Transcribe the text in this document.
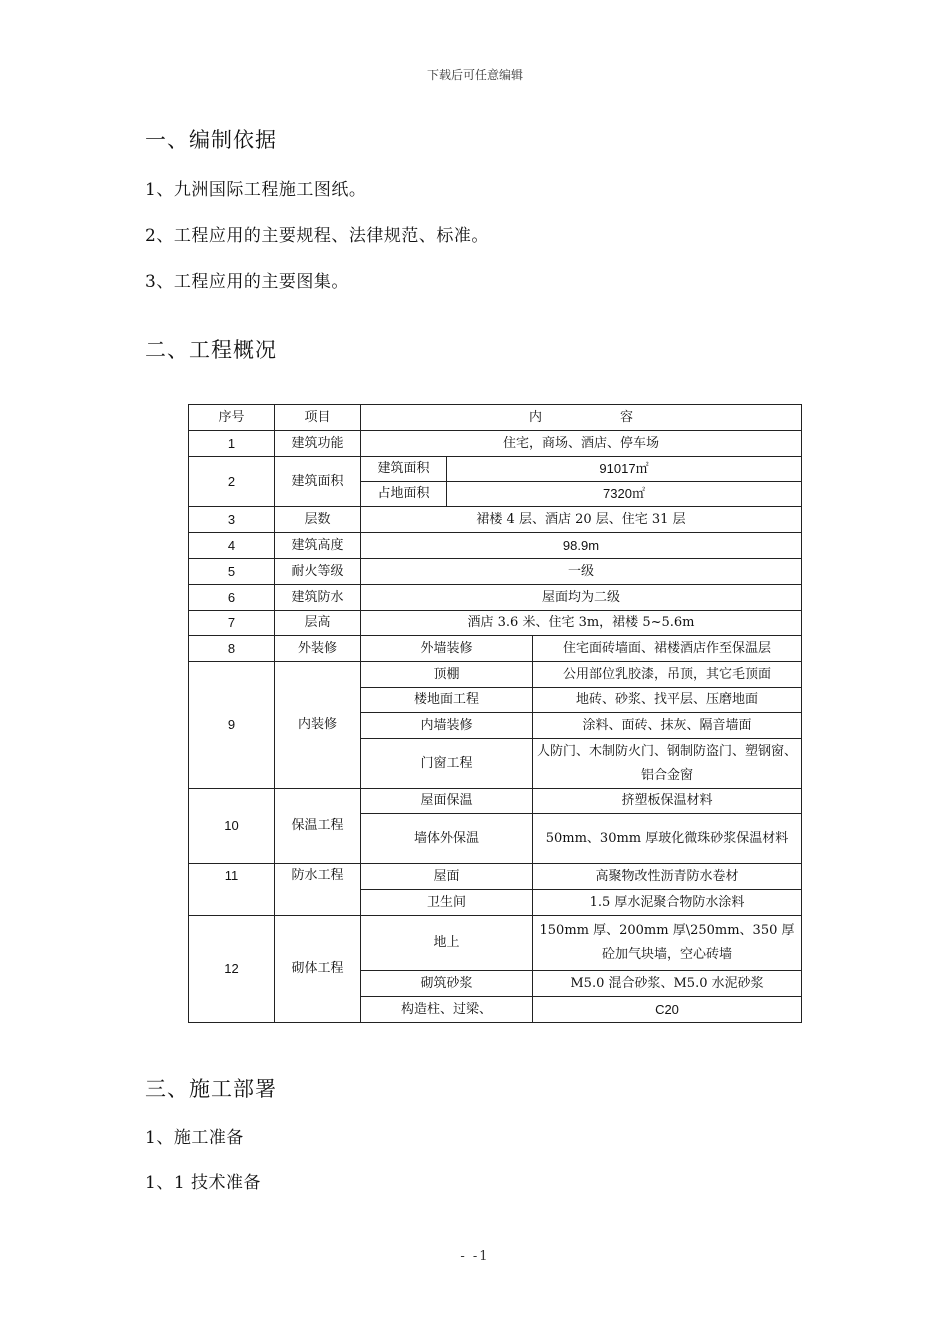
下载后可任意编辑
一、编制依据
1、九洲国际工程施工图纸。
2、工程应用的主要规程、法律规范、标准。
3、工程应用的主要图集。
二、工程概况
序号	项目	内　　　　　　容		
1	建筑功能	住宅，商场、酒店、停车场		
2	建筑面积	建筑面积	91017㎡	
		占地面积	7320㎡	
3	层数	裙楼 4 层、酒店 20 层、住宅 31 层		
4	建筑高度	98.9m		
5	耐火等级	一级		
6	建筑防水	屋面均为二级		
7	层高	酒店 3.6 米、住宅 3m，裙楼 5~5.6m		
8	外装修	外墙装修		住宅面砖墙面、裙楼酒店作至保温层
9	内装修	顶棚		公用部位乳胶漆，吊顶，其它毛顶面
		楼地面工程		地砖、砂浆、找平层、压磨地面
		内墙装修		涂料、面砖、抹灰、隔音墙面
		门窗工程		人防门、木制防火门、钢制防盗门、塑钢窗、铝合金窗
10	保温工程	屋面保温		挤塑板保温材料
		墙体外保温		50mm、30mm 厚玻化微珠砂浆保温材料
11	防水工程	屋面		高聚物改性沥青防水卷材
		卫生间		1.5 厚水泥聚合物防水涂料
12	砌体工程	地上		150mm 厚、200mm 厚\250mm、350 厚砼加气块墙，空心砖墙
		砌筑砂浆		M5.0 混合砂浆、M5.0 水泥砂浆
		构造柱、过梁、		C20
三、施工部署
1、施工准备
1、1 技术准备
- -1
